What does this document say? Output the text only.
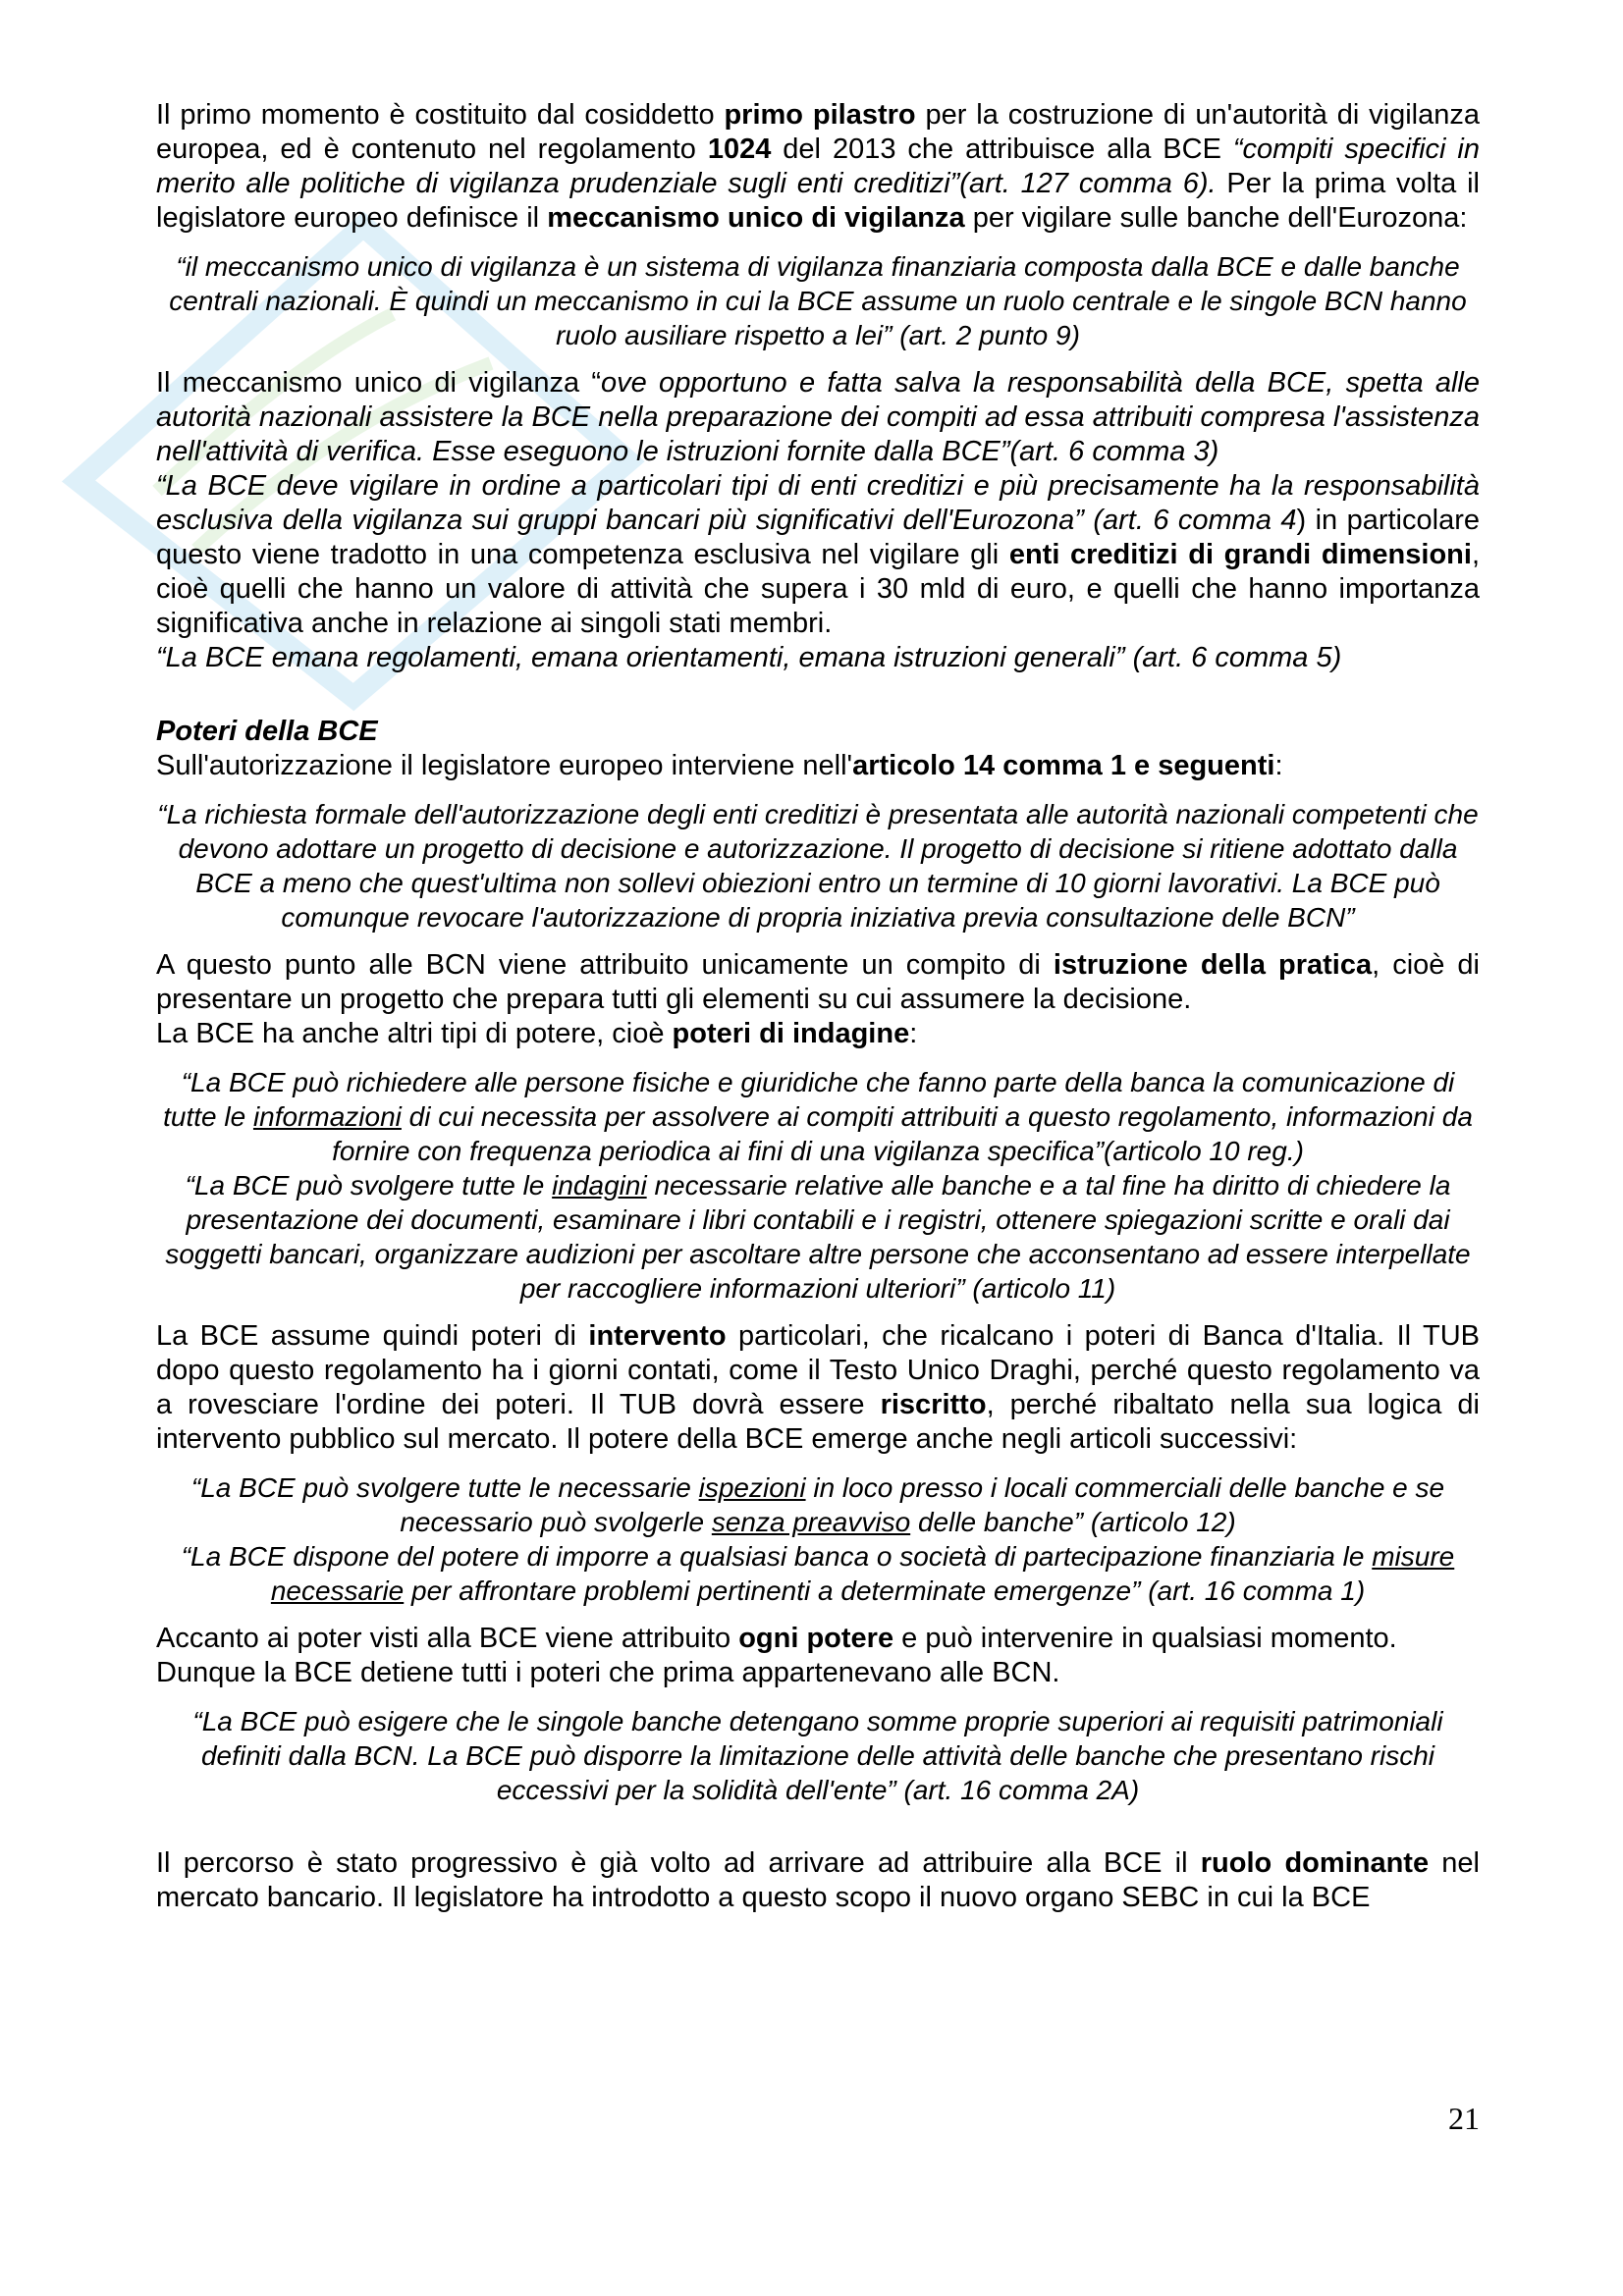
Il primo momento è costituito dal cosiddetto primo pilastro per la costruzione di un'autorità di vigilanza europea, ed è contenuto nel regolamento 1024 del 2013 che attribuisce alla BCE “compiti specifici in merito alle politiche di vigilanza prudenziale sugli enti creditizi”(art. 127 comma 6). Per la prima volta il legislatore europeo definisce il meccanismo unico di vigilanza per vigilare sulle banche dell'Eurozona:

“il meccanismo unico di vigilanza è un sistema di vigilanza finanziaria composta dalla BCE e dalle banche centrali nazionali. È quindi un meccanismo in cui la BCE assume un ruolo centrale e le singole BCN hanno ruolo ausiliare rispetto a lei” (art. 2 punto 9)

Il meccanismo unico di vigilanza “ove opportuno e fatta salva la responsabilità della BCE, spetta alle autorità nazionali assistere la BCE nella preparazione dei compiti ad essa attribuiti compresa l'assistenza nell'attività di verifica. Esse eseguono le istruzioni fornite dalla BCE”(art. 6 comma 3)
“La BCE deve vigilare in ordine a particolari tipi di enti creditizi e più precisamente ha la responsabilità esclusiva della vigilanza sui gruppi bancari più significativi dell'Eurozona” (art. 6 comma 4) in particolare questo viene tradotto in una competenza esclusiva nel vigilare gli enti creditizi di grandi dimensioni, cioè quelli che hanno un valore di attività che supera i 30 mld di euro, e quelli che hanno importanza significativa anche in relazione ai singoli stati membri.
“La BCE emana regolamenti, emana orientamenti, emana istruzioni generali” (art. 6 comma 5)

Poteri della BCE

Sull'autorizzazione il legislatore europeo interviene nell'articolo 14 comma 1 e seguenti:

“La richiesta formale dell'autorizzazione degli enti creditizi è presentata alle autorità nazionali competenti che devono adottare un progetto di decisione e autorizzazione. Il progetto di decisione si ritiene adottato dalla BCE a meno che quest'ultima non sollevi obiezioni entro un termine di 10 giorni lavorativi. La BCE può comunque revocare l'autorizzazione di propria iniziativa previa consultazione delle BCN”

A questo punto alle BCN viene attribuito unicamente un compito di istruzione della pratica, cioè di presentare un progetto che prepara tutti gli elementi su cui assumere la decisione.
La BCE ha anche altri tipi di potere, cioè poteri di indagine:

“La BCE può richiedere alle persone fisiche e giuridiche che fanno parte della banca la comunicazione di tutte le informazioni di cui necessita per assolvere ai compiti attribuiti a questo regolamento, informazioni da fornire con frequenza periodica ai fini di una vigilanza specifica”(articolo 10 reg.)
“La BCE può svolgere tutte le indagini necessarie relative alle banche e a tal fine ha diritto di chiedere la presentazione dei documenti, esaminare i libri contabili e i registri, ottenere spiegazioni scritte e orali dai soggetti bancari, organizzare audizioni per ascoltare altre persone che acconsentano ad essere interpellate per raccogliere informazioni ulteriori” (articolo 11)

La BCE assume quindi poteri di intervento particolari, che ricalcano i poteri di Banca d'Italia. Il TUB dopo questo regolamento ha i giorni contati, come il Testo Unico Draghi, perché questo regolamento va a rovesciare l'ordine dei poteri. Il TUB dovrà essere riscritto, perché ribaltato nella sua logica di intervento pubblico sul mercato. Il potere della BCE emerge anche negli articoli successivi:

“La BCE può svolgere tutte le necessarie ispezioni in loco presso i locali commerciali delle banche e se necessario può svolgerle senza preavviso delle banche” (articolo 12)
“La BCE dispone del potere di imporre a qualsiasi banca o società di partecipazione finanziaria le misure necessarie per affrontare problemi pertinenti a determinate emergenze” (art. 16 comma 1)

Accanto ai poter visti alla BCE viene attribuito ogni potere e può intervenire in qualsiasi momento.
Dunque la BCE detiene tutti i poteri che prima appartenevano alle BCN.

“La BCE può esigere che le singole banche detengano somme proprie superiori ai requisiti patrimoniali definiti dalla BCN. La BCE può disporre la limitazione delle attività delle banche che presentano rischi eccessivi per la solidità dell'ente” (art. 16 comma 2A)

Il percorso è stato progressivo è già volto ad arrivare ad attribuire alla BCE il ruolo dominante nel mercato bancario. Il legislatore ha introdotto a questo scopo il nuovo organo SEBC in cui la BCE

21
